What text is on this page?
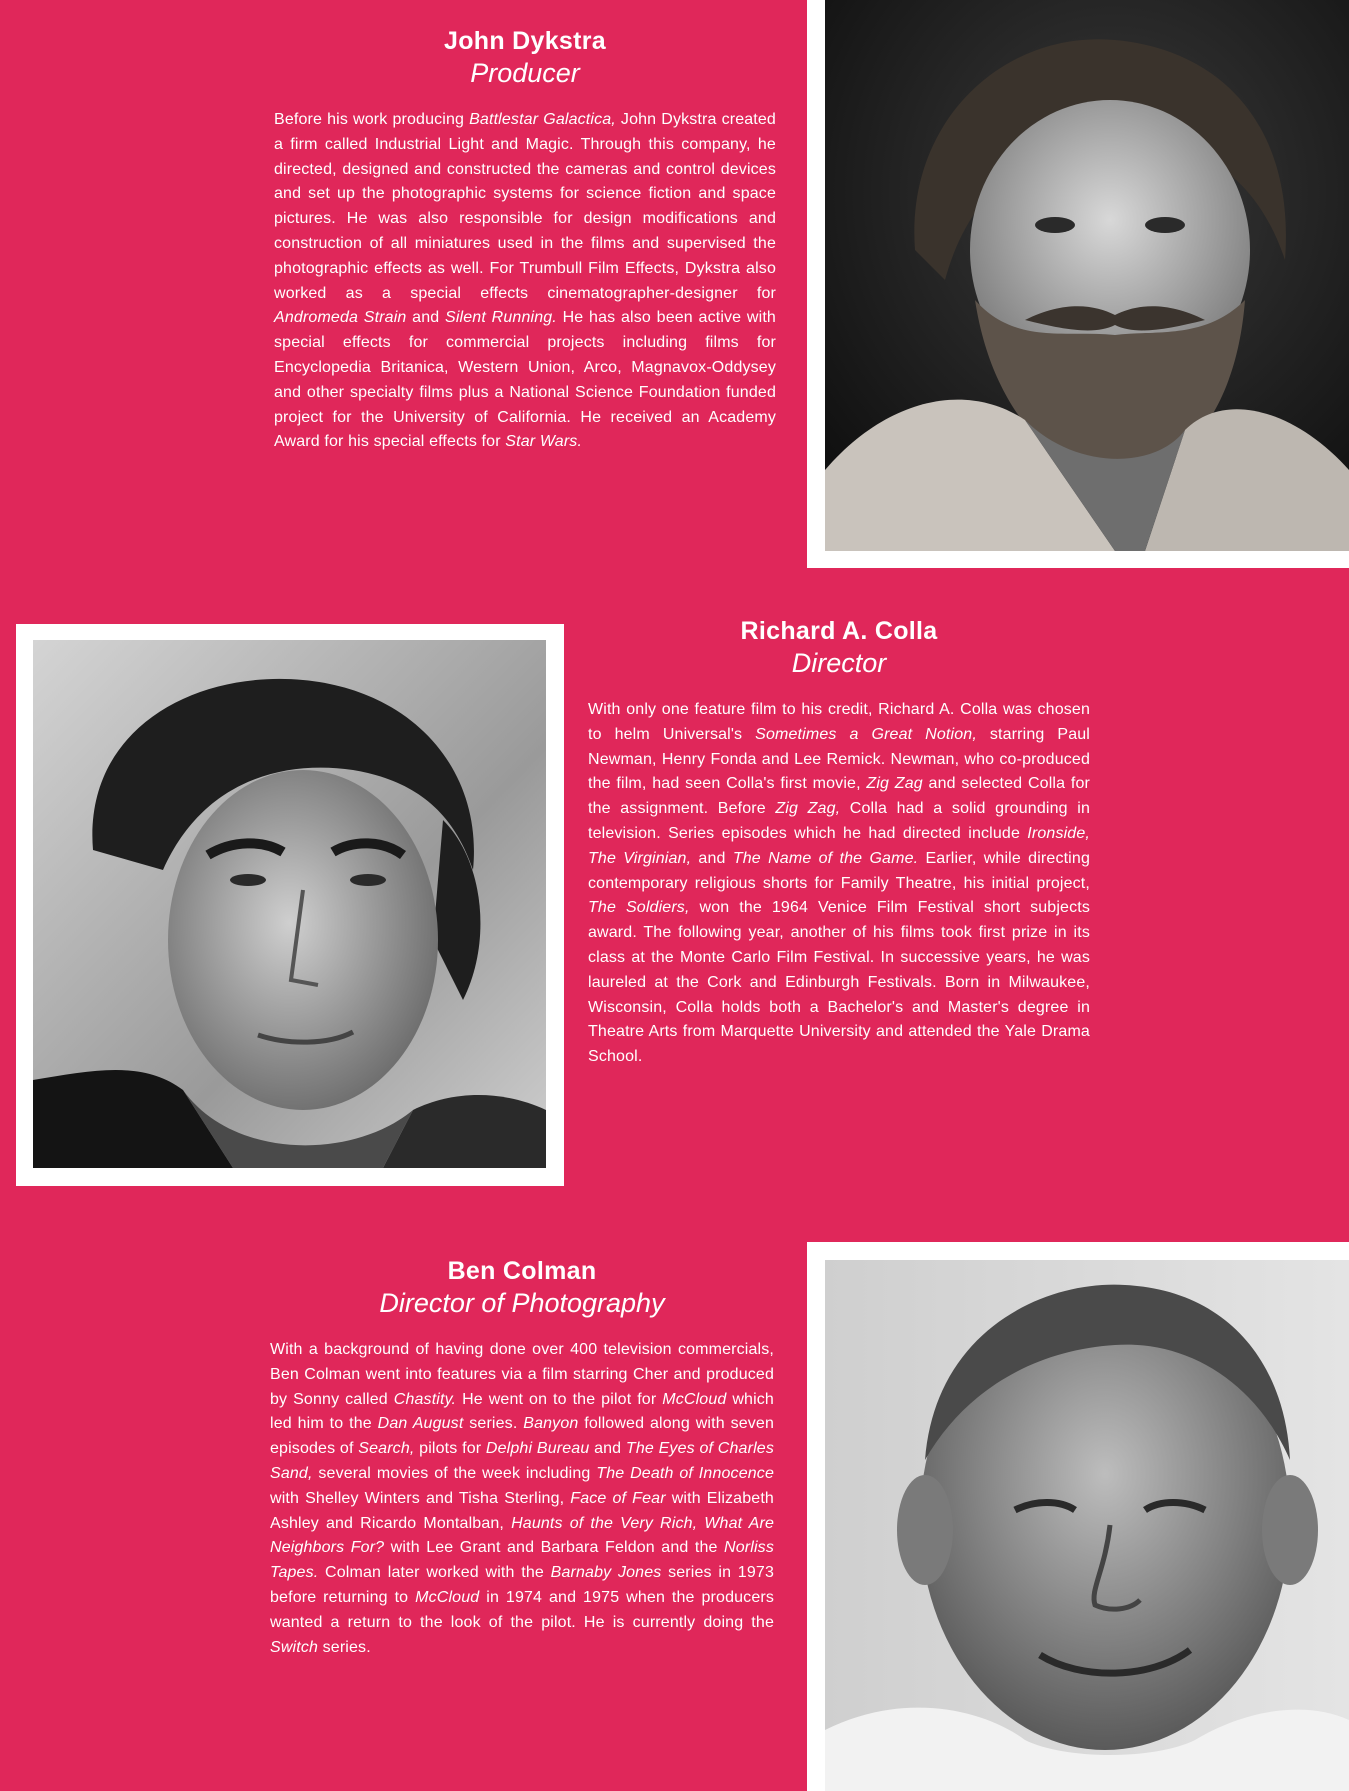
John Dykstra
Producer

Before his work producing Battlestar Galactica, John Dykstra created a firm called Industrial Light and Magic. Through this company, he directed, designed and constructed the cameras and control devices and set up the photographic systems for science fiction and space pictures. He was also responsible for design modifications and construction of all miniatures used in the films and supervised the photographic effects as well. For Trumbull Film Effects, Dykstra also worked as a special effects cinematographer-designer for Andromeda Strain and Silent Running. He has also been active with special effects for commercial projects including films for Encyclopedia Britanica, Western Union, Arco, Magnavox-Oddysey and other specialty films plus a National Science Foundation funded project for the University of California. He received an Academy Award for his special effects for Star Wars.

Richard A. Colla
Director

With only one feature film to his credit, Richard A. Colla was chosen to helm Universal's Sometimes a Great Notion, starring Paul Newman, Henry Fonda and Lee Remick. Newman, who co-produced the film, had seen Colla's first movie, Zig Zag and selected Colla for the assignment. Before Zig Zag, Colla had a solid grounding in television. Series episodes which he had directed include Ironside, The Virginian, and The Name of the Game. Earlier, while directing contemporary religious shorts for Family Theatre, his initial project, The Soldiers, won the 1964 Venice Film Festival short subjects award. The following year, another of his films took first prize in its class at the Monte Carlo Film Festival. In successive years, he was laureled at the Cork and Edinburgh Festivals. Born in Milwaukee, Wisconsin, Colla holds both a Bachelor's and Master's degree in Theatre Arts from Marquette University and attended the Yale Drama School.

Ben Colman
Director of Photography

With a background of having done over 400 television commercials, Ben Colman went into features via a film starring Cher and produced by Sonny called Chastity. He went on to the pilot for McCloud which led him to the Dan August series. Banyon followed along with seven episodes of Search, pilots for Delphi Bureau and The Eyes of Charles Sand, several movies of the week including The Death of Innocence with Shelley Winters and Tisha Sterling, Face of Fear with Elizabeth Ashley and Ricardo Montalban, Haunts of the Very Rich, What Are Neighbors For? with Lee Grant and Barbara Feldon and the Norliss Tapes. Colman later worked with the Barnaby Jones series in 1973 before returning to McCloud in 1974 and 1975 when the producers wanted a return to the look of the pilot. He is currently doing the Switch series.
